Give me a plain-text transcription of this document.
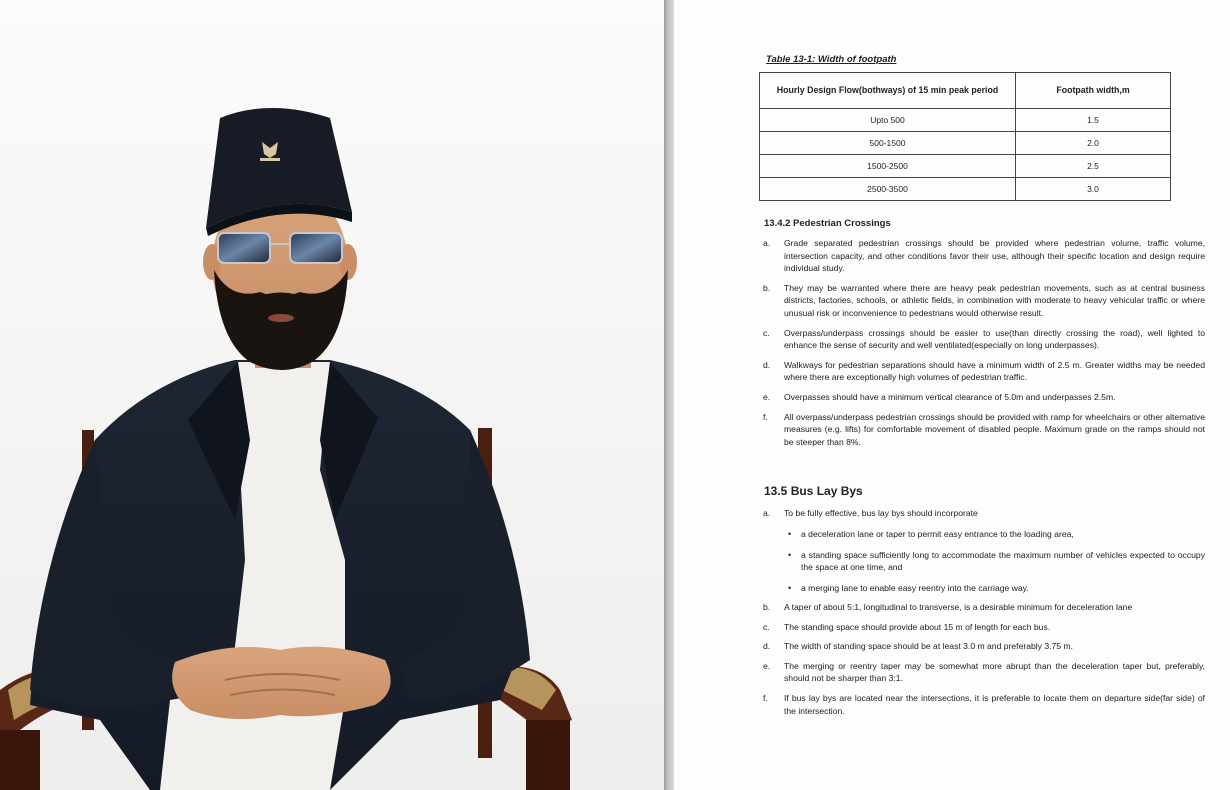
Table 13-1: Width of footpath
Hourly Design Flow(bothways) of 15 min peak period	Footpath width,m
Upto 500	1.5
500-1500	2.0
1500-2500	2.5
2500-3500	3.0
13.4.2 Pedestrian Crossings
a. Grade separated pedestrian crossings should be provided where pedestrian volume, traffic volume, intersection capacity, and other conditions favor their use, although their specific location and design require individual study.
b. They may be warranted where there are heavy peak pedestrian movements, such as at central business districts, factories, schools, or athletic fields, in combination with moderate to heavy vehicular traffic or where unusual risk or inconvenience to pedestrians would otherwise result.
c. Overpass/underpass crossings should be easier to use(than directly crossing the road), well lighted to enhance the sense of security and well ventilated(especially on long underpasses).
d. Walkways for pedestrian separations should have a minimum width of 2.5 m. Greater widths may be needed where there are exceptionally high volumes of pedestrian traffic.
e. Overpasses should have a minimum vertical clearance of 5.0m and underpasses 2.5m.
f. All overpass/underpass pedestrian crossings should be provided with ramp for wheelchairs or other alternative measures (e.g. lifts) for comfortable movement of disabled people. Maximum grade on the ramps should not be steeper than 8%.
13.5 Bus Lay Bys
a. To be fully effective, bus lay bys should incorporate
• a deceleration lane or taper to permit easy entrance to the loading area,
• a standing space sufficiently long to accommodate the maximum number of vehicles expected to occupy the space at one time, and
• a merging lane to enable easy reentry into the carriage way.
b. A taper of about 5:1, longitudinal to transverse, is a desirable minimum for deceleration lane
c. The standing space should provide about 15 m of length for each bus.
d. The width of standing space should be at least 3.0 m and preferably 3.75 m.
e. The merging or reentry taper may be somewhat more abrupt than the deceleration taper but, preferably, should not be sharper than 3:1.
f. If bus lay bys are located near the intersections, it is preferable to locate them on departure side(far side) of the intersection.
